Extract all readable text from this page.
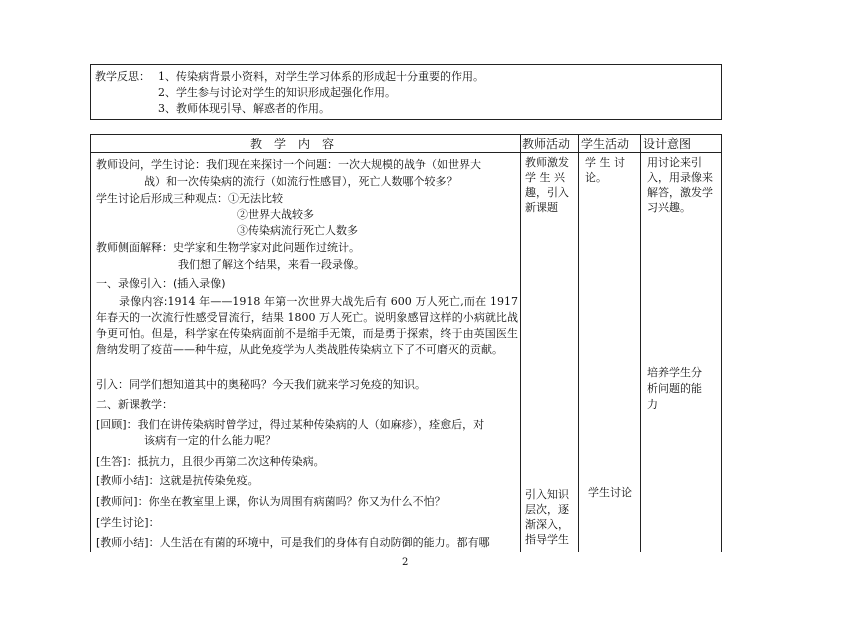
教学反思： 1、传染病背景小资料，对学生学习体系的形成起十分重要的作用。
2、学生参与讨论对学生的知识形成起强化作用。
3、教师体现引导、解惑者的作用。
教　学　内　容	教师活动 学生活动 设计意图
教师设问，学生讨论：我们现在来探讨一个问题：一次大规模的战争（如世界大
战）和一次传染病的流行（如流行性感冒），死亡人数哪个较多？
学生讨论后形成三种观点：①无法比较
②世界大战较多
③传染病流行死亡人数多
教师侧面解释：史学家和生物学家对此问题作过统计。
我们想了解这个结果，来看一段录像。
一、录像引入：(插入录像)
录像内容:1914 年——1918 年第一次世界大战先后有 600 万人死亡,而在 1917 年春天的一次流行性感受冒流行，结果 1800 万人死亡。说明象感冒这样的小病就比战争更可怕。但是，科学家在传染病面前不是缩手无策，而是勇于探索，终于由英国医生詹纳发明了疫苗——种牛痘，从此免疫学为人类战胜传染病立下了不可磨灭的贡献。
引入：同学们想知道其中的奥秘吗？今天我们就来学习免疫的知识。
二、新课教学：
[回顾]：我们在讲传染病时曾学过，得过某种传染病的人（如麻疹），痊愈后，对
该病有一定的什么能力呢？
[生答]：抵抗力，且很少再第二次这种传染病。
[教师小结]：这就是抗传染免疫。
[教师问]：你坐在教室里上课，你认为周围有病菌吗？你又为什么不怕？
[学生讨论]：
[教师小结]：人生活在有菌的环境中，可是我们的身体有自动防御的能力。都有哪
教师激发
学 生 兴
趣，引入
新课题
引入知识
层次，逐
渐深入，
指导学生
学 生 讨
论。
学生讨论
用讨论来引
入，用录像来
解答，激发学
习兴趣。
培养学生分
析问题的能
力
2
